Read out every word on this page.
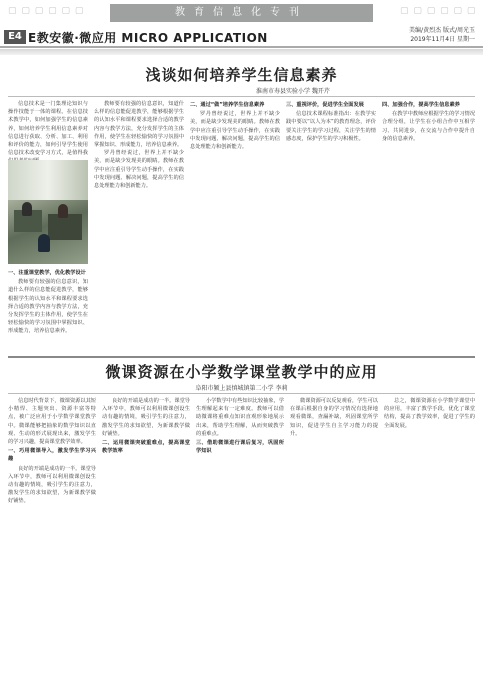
▢ ▢ ▢ ▢ ▢ ▢	▢ ▢ ▢ ▢ ▢ ▢
教育信息化专刊
E4 E教安徽·微应用 MICRO APPLICATION
美编/黄烈杰 版式/周光玉
2019年11月4日 星期一
浅谈如何培养学生信息素养
淮南市寿县实验小学 魏开芹

信息技术是一门集理论知识与操作技能于一体的课程。在信息技术教学中，如何加强学生的信息素养，如何培养学生利用信息素养对信息进行获取、分析、加工、利用和评价的能力，如何引导学生使用信息技术改变学习方式，是值得我

一、注重课堂教学，优化教学设计

教师要有较强的信息意识，知道什么样的信息能促进教学，能够根据学生的认知水平和课程要求选择合适的教学内容与教学方法，充分发挥学生的主体作用，使学生在轻松愉快的学习氛围中掌握知识、形成能力，培养信息素养。

教师要有较强的信息意识，知道什么样的信息能促进教学，能够根据学生的认知水平和课程要求选择合适的教学内容与教学方法，充分发挥学生的主体作用，使学生在轻松愉快的学习氛围中掌握知识、形成能力，培养信息素养。

罗丹曾经说过，世界上并不缺少美，而是缺少发现美的眼睛。教师在教学中应注重引导学生动手操作，在实践中发现问题、解决问题，提高学生的信息处理能力和创新能力。

二、通过“做”培养学生信息素养

罗丹曾经说过，世界上并不缺少美，而是缺少发现美的眼睛。教师在教学中应注重引导学生动手操作，在实践中发现问题、解决问题，提高学生的信息处理能力和创新能力。

三、重视评价，促进学生全面发展

信息技术课程标准指出：在教学实践中要以“以人为本”的教育理念，评价要关注学生的学习过程，关注学生的情感态度，保护学生的学习积极性。

四、加强合作，提高学生信息素养

在教学中教师应根据学生的学习情况合理分组，让学生在小组合作中互相学习、共同进步，在交流与合作中提升自身的信息素养。

微课资源在小学数学课堂教学中的应用
阜阳市颍上县慎城镇第二小学 李莉

信息时代背景下，微课资源以其短小精悍、主题突出、资源丰富等特点，被广泛应用于小学数学课堂教学中。微课能够把抽象的数学知识以直观、生动的形式展现出来，激发学生的学习兴趣，提高课堂教学效率。

一、巧用微课导入，激发学生学习兴趣

良好的开端是成功的一半。课堂导入环节中，教师可以利用微课创设生动有趣的情境，吸引学生的注意力，激发学生的求知欲望，为新课教学做好铺垫。

良好的开端是成功的一半。课堂导入环节中，教师可以利用微课创设生动有趣的情境，吸引学生的注意力，激发学生的求知欲望，为新课教学做好铺垫。

二、运用微课突破重难点，提高课堂教学效率

小学数学中有些知识比较抽象，学生理解起来有一定难度。教师可以借助微课将重难点知识直观形象地展示出来，帮助学生理解，从而突破教学的重难点。

三、借助微课进行课后复习，巩固所学知识

微课资源可以反复观看，学生可以在课后根据自身的学习情况有选择地观看微课，查漏补缺，巩固课堂所学知识，促进学生自主学习能力的提升。

总之，微课资源在小学数学课堂中的应用，丰富了教学手段，优化了课堂结构，提高了教学效率，促进了学生的全面发展。
